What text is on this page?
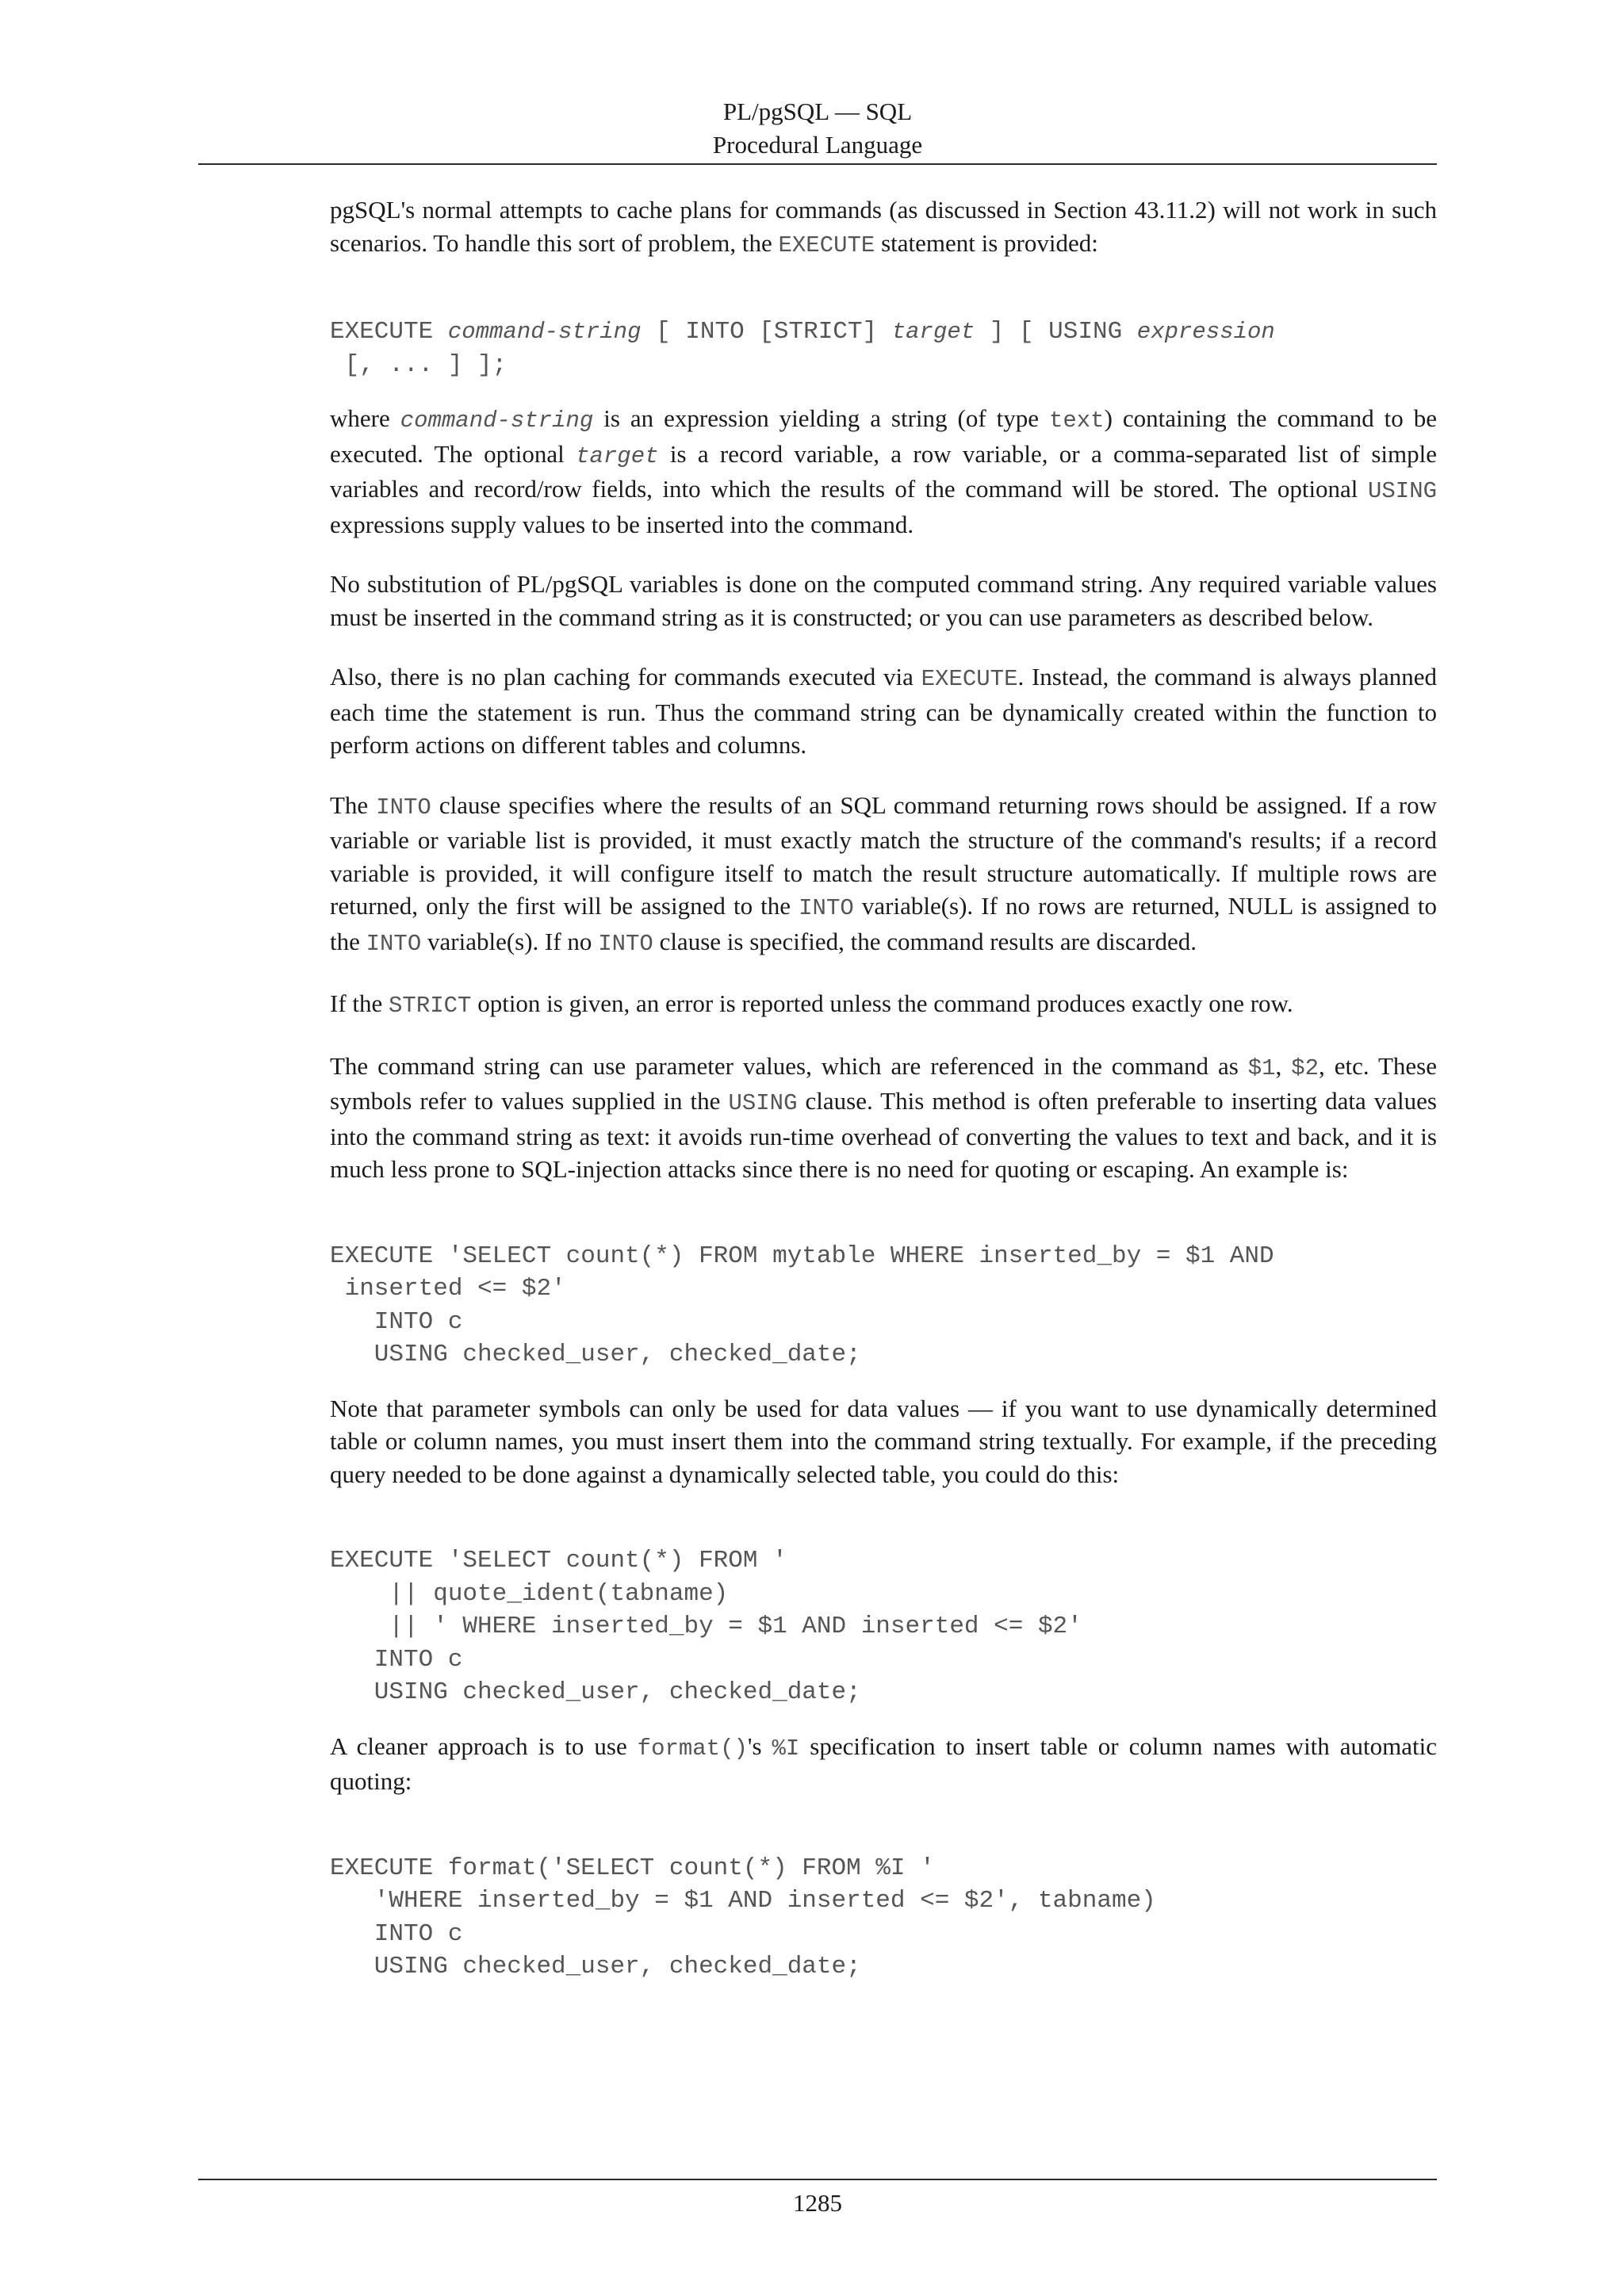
PL/pgSQL — SQL
Procedural Language

pgSQL's normal attempts to cache plans for commands (as discussed in Section 43.11.2) will not work in such scenarios. To handle this sort of problem, the EXECUTE statement is provided:

EXECUTE command-string [ INTO [STRICT] target ] [ USING expression
[, ... ] ];

where command-string is an expression yielding a string (of type text) containing the command to be executed. The optional target is a record variable, a row variable, or a comma-separated list of simple variables and record/row fields, into which the results of the command will be stored. The optional USING expressions supply values to be inserted into the command.

No substitution of PL/pgSQL variables is done on the computed command string. Any required variable values must be inserted in the command string as it is constructed; or you can use parameters as described below.

Also, there is no plan caching for commands executed via EXECUTE. Instead, the command is always planned each time the statement is run. Thus the command string can be dynamically created within the function to perform actions on different tables and columns.

The INTO clause specifies where the results of an SQL command returning rows should be assigned. If a row variable or variable list is provided, it must exactly match the structure of the command's results; if a record variable is provided, it will configure itself to match the result structure automatically. If multiple rows are returned, only the first will be assigned to the INTO variable(s). If no rows are returned, NULL is assigned to the INTO variable(s). If no INTO clause is specified, the command results are discarded.

If the STRICT option is given, an error is reported unless the command produces exactly one row.

The command string can use parameter values, which are referenced in the command as $1, $2, etc. These symbols refer to values supplied in the USING clause. This method is often preferable to inserting data values into the command string as text: it avoids run-time overhead of converting the values to text and back, and it is much less prone to SQL-injection attacks since there is no need for quoting or escaping. An example is:

EXECUTE 'SELECT count(*) FROM mytable WHERE inserted_by = $1 AND
inserted <= $2'
INTO c
USING checked_user, checked_date;

Note that parameter symbols can only be used for data values — if you want to use dynamically determined table or column names, you must insert them into the command string textually. For example, if the preceding query needed to be done against a dynamically selected table, you could do this:

EXECUTE 'SELECT count(*) FROM '
|| quote_ident(tabname)
|| ' WHERE inserted_by = $1 AND inserted <= $2'
INTO c
USING checked_user, checked_date;

A cleaner approach is to use format()'s %I specification to insert table or column names with automatic quoting:

EXECUTE format('SELECT count(*) FROM %I '
'WHERE inserted_by = $1 AND inserted <= $2', tabname)
INTO c
USING checked_user, checked_date;
1285
